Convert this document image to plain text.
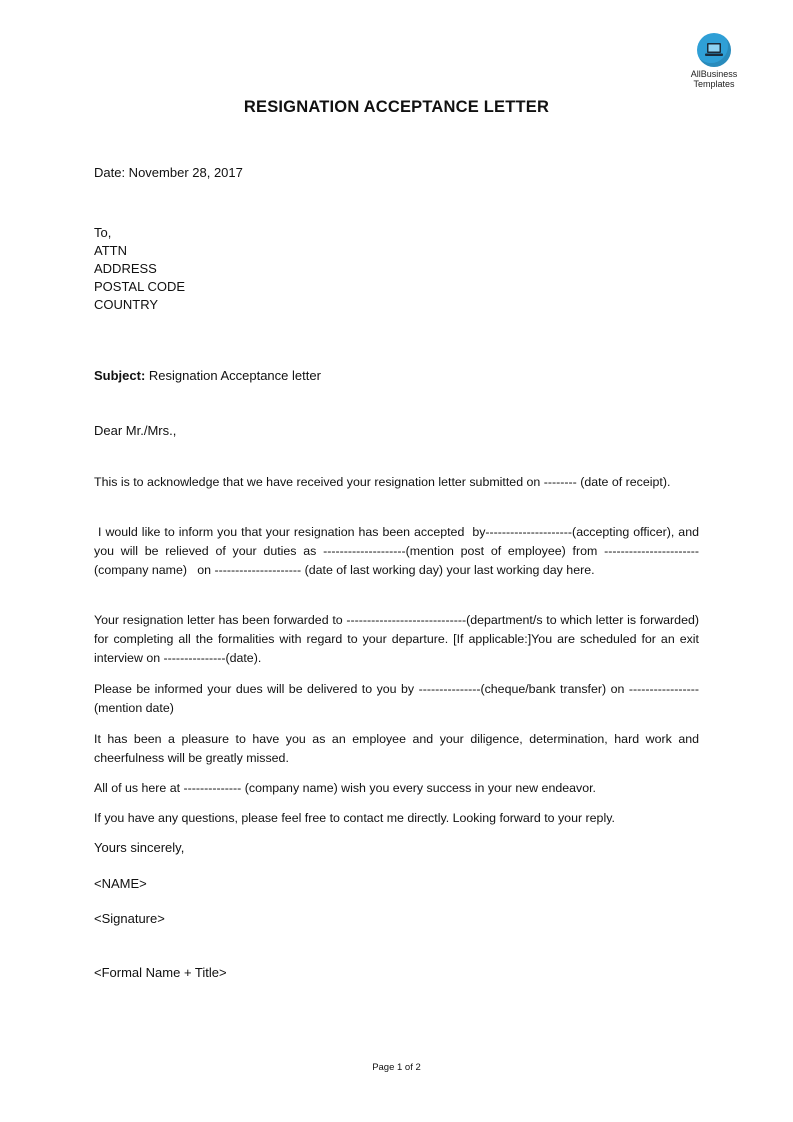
AllBusiness
Templates
RESIGNATION ACCEPTANCE LETTER
Date: November 28, 2017
To,
ATTN
ADDRESS
POSTAL CODE
COUNTRY
Subject: Resignation Acceptance letter
Dear Mr./Mrs.,
This is to acknowledge that we have received your resignation letter submitted on -------- (date of receipt).
I would like to inform you that your resignation has been accepted  by---------------------(accepting officer), and you will be relieved of your duties as --------------------(mention post of employee) from -----------------------(company name)   on --------------------- (date of last working day) your last working day here.
Your resignation letter has been forwarded to -----------------------------(department/s to which letter is forwarded) for completing all the formalities with regard to your departure. [If applicable:]You are scheduled for an exit interview on ---------------(date).
Please be informed your dues will be delivered to you by ---------------(cheque/bank transfer) on -----------------(mention date)
It has been a pleasure to have you as an employee and your diligence, determination, hard work and cheerfulness will be greatly missed.
All of us here at -------------- (company name) wish you every success in your new endeavor.
If you have any questions, please feel free to contact me directly. Looking forward to your reply.
Yours sincerely,
<NAME>
<Signature>
<Formal Name + Title>
Page 1 of 2
